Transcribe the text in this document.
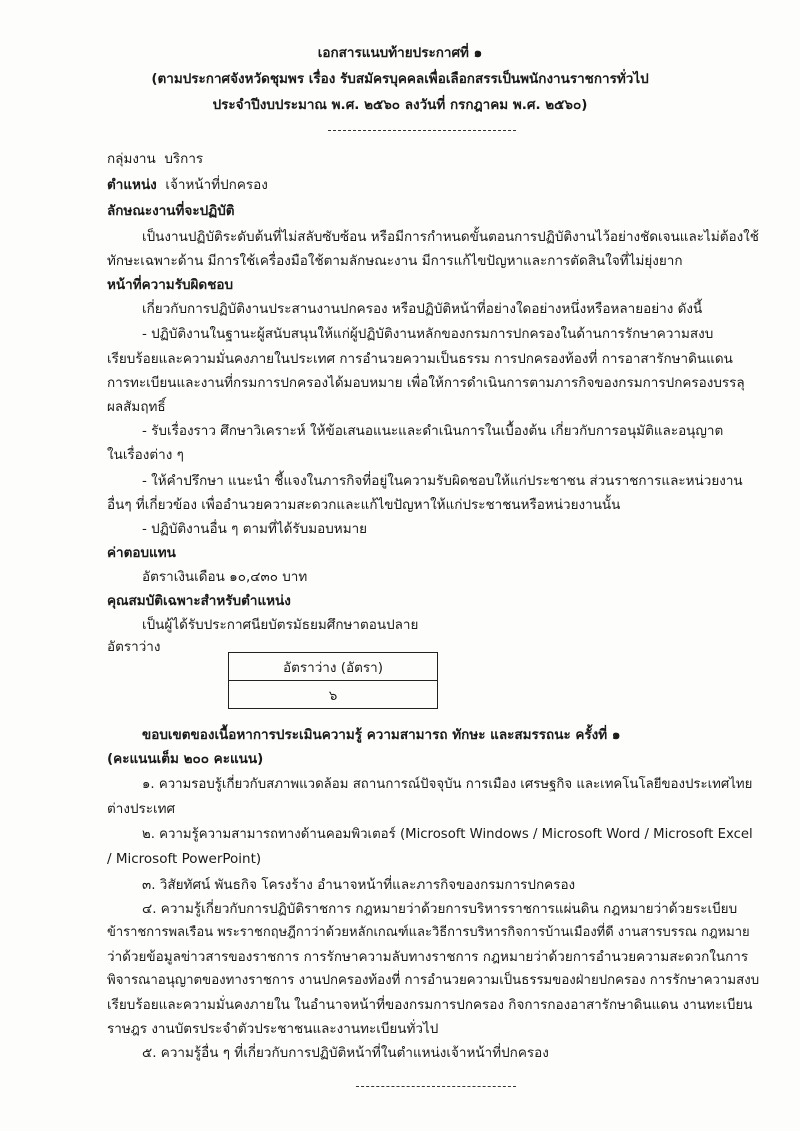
เอกสารแนบท้ายประกาศที่ ๑
(ตามประกาศจังหวัดชุมพร เรื่อง รับสมัครบุคคลเพื่อเลือกสรรเป็นพนักงานราชการทั่วไป
ประจำปีงบประมาณ พ.ศ. ๒๕๖๐ ลงวันที่ กรกฎาคม พ.ศ. ๒๕๖๐)
กลุ่มงาน บริการ
ตำแหน่ง เจ้าหน้าที่ปกครอง
ลักษณะงานที่จะปฏิบัติ
เป็นงานปฏิบัติระดับต้นที่ไม่สลับซับซ้อน หรือมีการกำหนดขั้นตอนการปฏิบัติงานไว้อย่างชัดเจนและไม่ต้องใช้
ทักษะเฉพาะด้าน มีการใช้เครื่องมือใช้ตามลักษณะงาน มีการแก้ไขปัญหาและการตัดสินใจที่ไม่ยุ่งยาก
หน้าที่ความรับผิดชอบ
เกี่ยวกับการปฏิบัติงานประสานงานปกครอง หรือปฏิบัติหน้าที่อย่างใดอย่างหนึ่งหรือหลายอย่าง ดังนี้
- ปฏิบัติงานในฐานะผู้สนับสนุนให้แก่ผู้ปฏิบัติงานหลักของกรมการปกครองในด้านการรักษาความสงบ
เรียบร้อยและความมั่นคงภายในประเทศ การอำนวยความเป็นธรรม การปกครองท้องที่ การอาสารักษาดินแดน
การทะเบียนและงานที่กรมการปกครองได้มอบหมาย เพื่อให้การดำเนินการตามภารกิจของกรมการปกครองบรรลุ
ผลสัมฤทธิ์
- รับเรื่องราว ศึกษาวิเคราะห์ ให้ข้อเสนอแนะและดำเนินการในเบื้องต้น เกี่ยวกับการอนุมัติและอนุญาต
ในเรื่องต่าง ๆ
- ให้คำปรึกษา แนะนำ ชี้แจงในภารกิจที่อยู่ในความรับผิดชอบให้แก่ประชาชน ส่วนราชการและหน่วยงาน
อื่นๆ ที่เกี่ยวข้อง เพื่ออำนวยความสะดวกและแก้ไขปัญหาให้แก่ประชาชนหรือหน่วยงานนั้น
- ปฏิบัติงานอื่น ๆ ตามที่ได้รับมอบหมาย
ค่าตอบแทน
อัตราเงินเดือน ๑๐,๔๓๐ บาท
คุณสมบัติเฉพาะสำหรับตำแหน่ง
เป็นผู้ได้รับประกาศนียบัตรมัธยมศึกษาตอนปลาย
อัตราว่าง
อัตราว่าง (อัตรา)
๖
ขอบเขตของเนื้อหาการประเมินความรู้ ความสามารถ ทักษะ และสมรรถนะ ครั้งที่ ๑
(คะแนนเต็ม ๒๐๐ คะแนน)
๑. ความรอบรู้เกี่ยวกับสภาพแวดล้อม สถานการณ์ปัจจุบัน การเมือง เศรษฐกิจ และเทคโนโลยีของประเทศไทย
ต่างประเทศ
๒. ความรู้ความสามารถทางด้านคอมพิวเตอร์ (Microsoft Windows / Microsoft Word / Microsoft Excel
/ Microsoft PowerPoint)
๓. วิสัยทัศน์ พันธกิจ โครงร้าง อำนาจหน้าที่และภารกิจของกรมการปกครอง
๔. ความรู้เกี่ยวกับการปฏิบัติราชการ กฎหมายว่าด้วยการบริหารราชการแผ่นดิน กฎหมายว่าด้วยระเบียบ
ข้าราชการพลเรือน พระราชกฤษฎีกาว่าด้วยหลักเกณฑ์และวิธีการบริหารกิจการบ้านเมืองที่ดี งานสารบรรณ กฎหมาย
ว่าด้วยข้อมูลข่าวสารของราชการ การรักษาความลับทางราชการ กฎหมายว่าด้วยการอำนวยความสะดวกในการ
พิจารณาอนุญาตของทางราชการ งานปกครองท้องที่ การอำนวยความเป็นธรรมของฝ่ายปกครอง การรักษาความสงบ
เรียบร้อยและความมั่นคงภายใน ในอำนาจหน้าที่ของกรมการปกครอง กิจการกองอาสารักษาดินแดน งานทะเบียน
ราษฎร งานบัตรประจำตัวประชาชนและงานทะเบียนทั่วไป
๕. ความรู้อื่น ๆ ที่เกี่ยวกับการปฏิบัติหน้าที่ในตำแหน่งเจ้าหน้าที่ปกครอง
